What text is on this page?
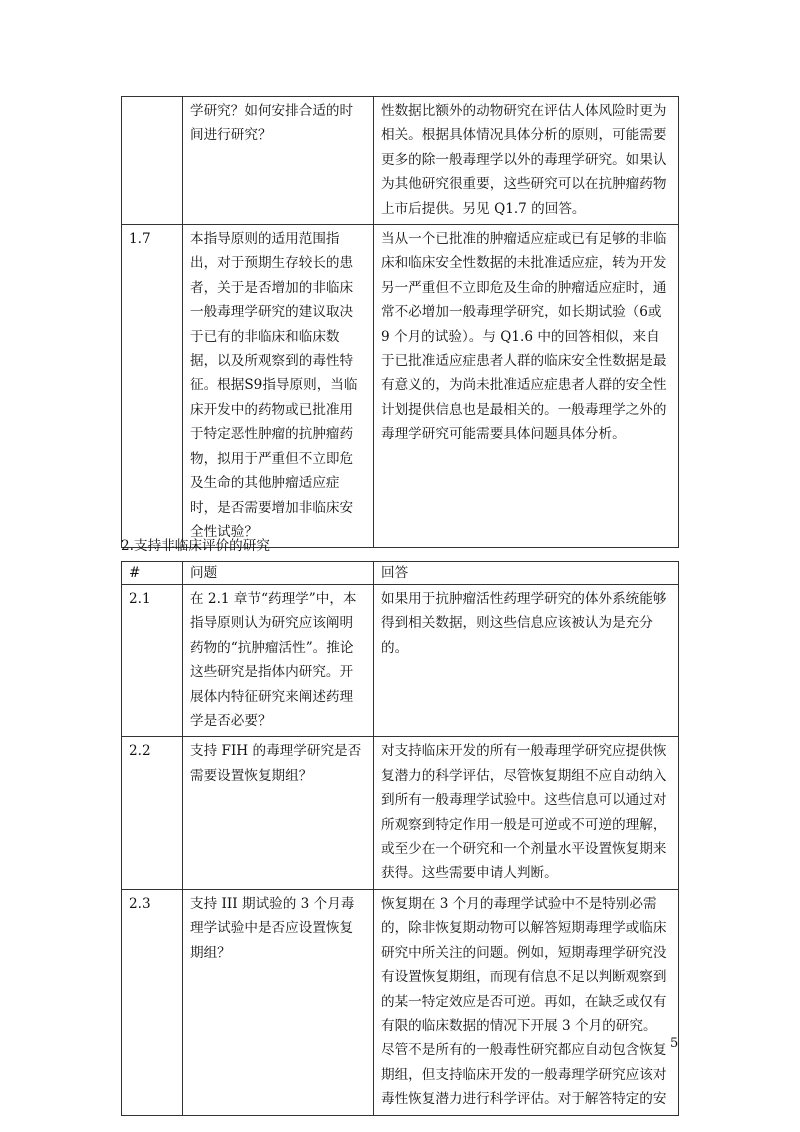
	学研究？如何安排合适的时间进行研究？	性数据比额外的动物研究在评估人体风险时更为相关。根据具体情况具体分析的原则，可能需要更多的除一般毒理学以外的毒理学研究。如果认为其他研究很重要，这些研究可以在抗肿瘤药物上市后提供。另见 Q1.7 的回答。

1.7	本指导原则的适用范围指出，对于预期生存较长的患者，关于是否增加的非临床一般毒理学研究的建议取决于已有的非临床和临床数据，以及所观察到的毒性特征。根据S9指导原则，当临床开发中的药物或已批准用于特定恶性肿瘤的抗肿瘤药物，拟用于严重但不立即危及生命的其他肿瘤适应症时，是否需要增加非临床安全性试验？	当从一个已批准的肿瘤适应症或已有足够的非临床和临床安全性数据的未批准适应症，转为开发另一严重但不立即危及生命的肿瘤适应症时，通常不必增加一般毒理学研究，如长期试验（6或 9 个月的试验）。与 Q1.6 中的回答相似，来自于已批准适应症患者人群的临床安全性数据是最有意义的，为尚未批准适应症患者人群的安全性计划提供信息也是最相关的。一般毒理学之外的毒理学研究可能需要具体问题具体分析。
2.支持非临床评价的研究
#	问题	回答
2.1	在 2.1 章节“药理学”中，本指导原则认为研究应该阐明药物的“抗肿瘤活性”。推论这些研究是指体内研究。开展体内特征研究来阐述药理学是否必要？	如果用于抗肿瘤活性药理学研究的体外系统能够得到相关数据，则这些信息应该被认为是充分的。

2.2	支持 FIH 的毒理学研究是否需要设置恢复期组？	对支持临床开发的所有一般毒理学研究应提供恢复潜力的科学评估，尽管恢复期组不应自动纳入到所有一般毒理学试验中。这些信息可以通过对所观察到特定作用一般是可逆或不可逆的理解，或至少在一个研究和一个剂量水平设置恢复期来获得。这些需要申请人判断。

2.3	支持 III 期试验的 3 个月毒理学试验中是否应设置恢复期组？	恢复期在 3 个月的毒理学试验中不是特别必需的，除非恢复期动物可以解答短期毒理学或临床研究中所关注的问题。例如，短期毒理学研究没有设置恢复期组，而现有信息不足以判断观察到的某一特定效应是否可逆。再如，在缺乏或仅有有限的临床数据的情况下开展 3 个月的研究。
尽管不是所有的一般毒性研究都应自动包含恢复期组，但支持临床开发的一般毒理学研究应该对毒性恢复潜力进行科学评估。对于解答特定的安
5
